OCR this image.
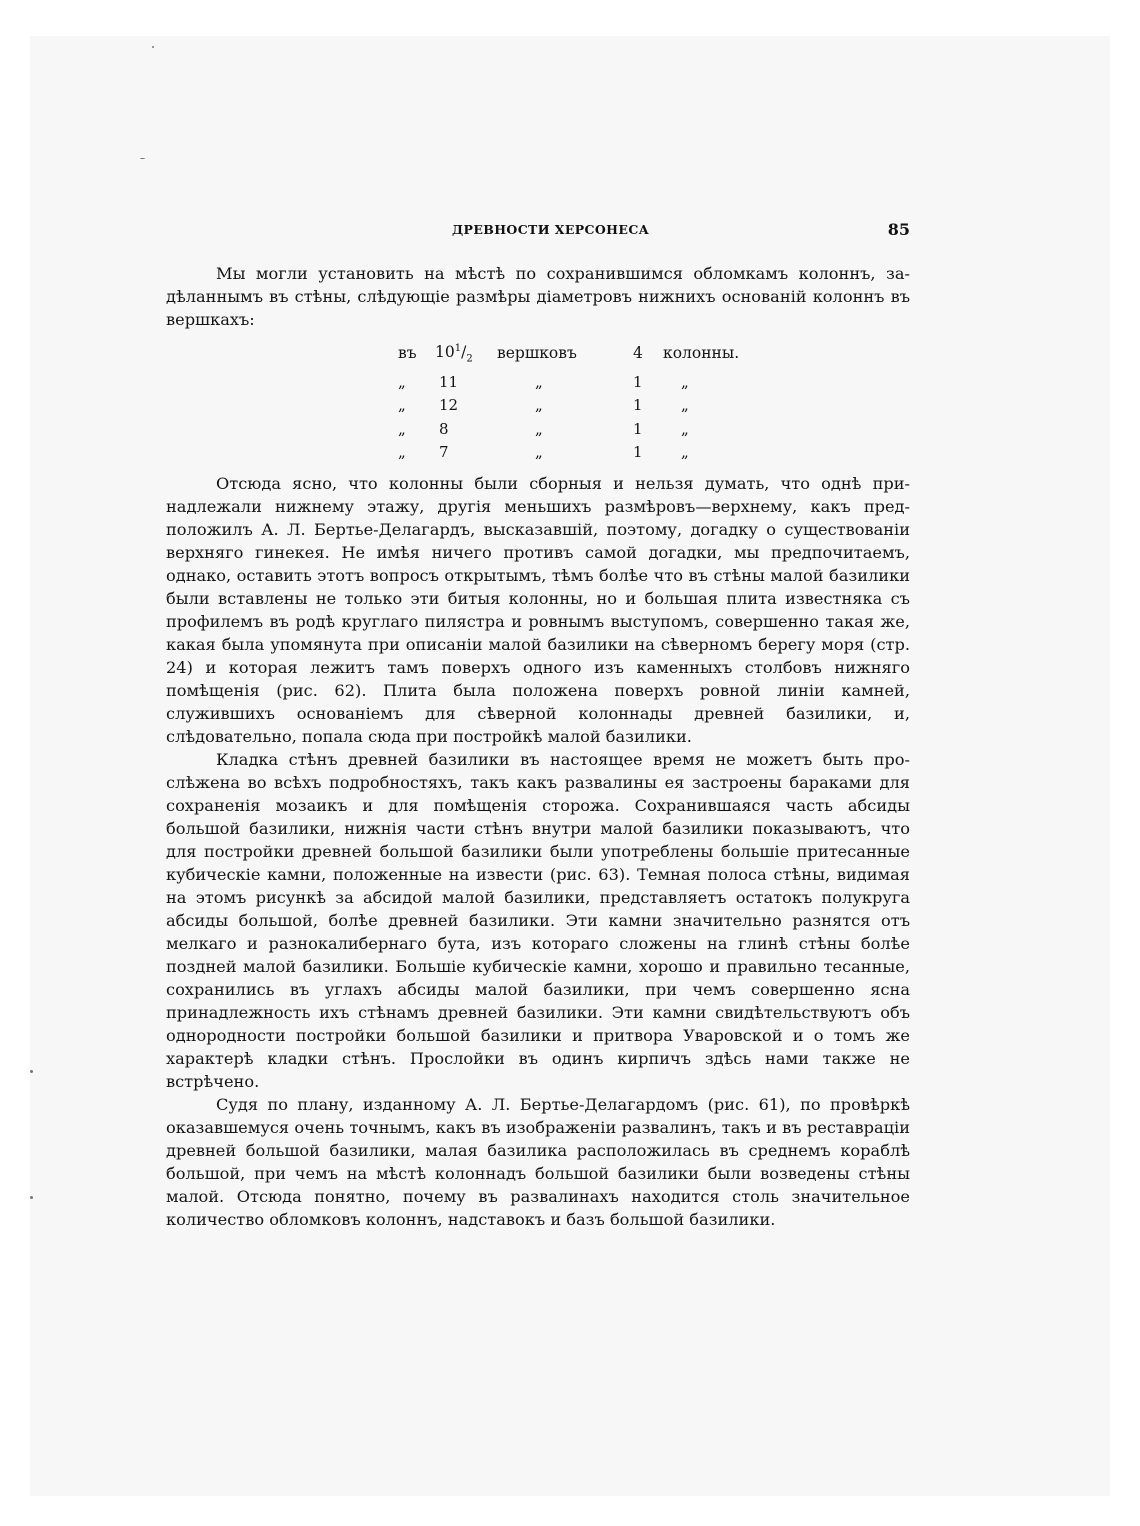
ДРЕВНОСТИ ХЕРСОНЕСА	85

Мы могли установить на мѣстѣ по сохранившимся обломкамъ колоннъ, задѣланнымъ въ стѣны, слѣдующіе размѣры діаметровъ нижнихъ основаній колоннъ въ вершкахъ:

въ	$10^1/_2$	вершковъ	4	колонны.
„	11	„	1	„
„	12	„	1	„
„	8	„	1	„
„	7	„	1	„

Отсюда ясно, что колонны были сборныя и нельзя думать, что однѣ принадлежали нижнему этажу, другія меньшихъ размѣровъ—верхнему, какъ предположилъ А. Л. Бертье-Делагардъ, высказавшій, поэтому, догадку о существованіи верхняго гинекея. Не имѣя ничего противъ самой догадки, мы предпочитаемъ, однако, оставить этотъ вопросъ открытымъ, тѣмъ болѣе что въ стѣны малой базилики были вставлены не только эти битыя колонны, но и большая плита известняка съ профилемъ въ родѣ круглаго пилястра и ровнымъ выступомъ, совершенно такая же, какая была упомянута при описаніи малой базилики на сѣверномъ берегу моря (стр. 24) и которая лежитъ тамъ поверхъ одного изъ каменныхъ столбовъ нижняго помѣщенія (рис. 62). Плита была положена поверхъ ровной линіи камней, служившихъ основаніемъ для сѣверной колоннады древней базилики, и, слѣдовательно, попала сюда при постройкѣ малой базилики.

Кладка стѣнъ древней базилики въ настоящее время не можетъ быть прослѣжена во всѣхъ подробностяхъ, такъ какъ развалины ея застроены бараками для сохраненія мозаикъ и для помѣщенія сторожа. Сохранившаяся часть абсиды большой базилики, нижнія части стѣнъ внутри малой базилики показываютъ, что для постройки древней большой базилики были употреблены большіе притесанные кубическіе камни, положенные на извести (рис. 63). Темная полоса стѣны, видимая на этомъ рисункѣ за абсидой малой базилики, представляетъ остатокъ полукруга абсиды большой, болѣе древней базилики. Эти камни значительно разнятся отъ мелкаго и разнокалибернаго бута, изъ котораго сложены на глинѣ стѣны болѣе поздней малой базилики. Большіе кубическіе камни, хорошо и правильно тесанные, сохранились въ углахъ абсиды малой базилики, при чемъ совершенно ясна принадлежность ихъ стѣнамъ древней базилики. Эти камни свидѣтельствуютъ объ однородности постройки большой базилики и притвора Уваровской и о томъ же характерѣ кладки стѣнъ. Прослойки въ одинъ кирпичъ здѣсь нами также не встрѣчено.

Судя по плану, изданному А. Л. Бертье-Делагардомъ (рис. 61), по провѣркѣ оказавшемуся очень точнымъ, какъ въ изображеніи развалинъ, такъ и въ реставраціи древней большой базилики, малая базилика расположилась въ среднемъ кораблѣ большой, при чемъ на мѣстѣ колоннадъ большой базилики были возведены стѣны малой. Отсюда понятно, почему въ развалинахъ находится столь значительное количество обломковъ колоннъ, надставокъ и базъ большой базилики.
